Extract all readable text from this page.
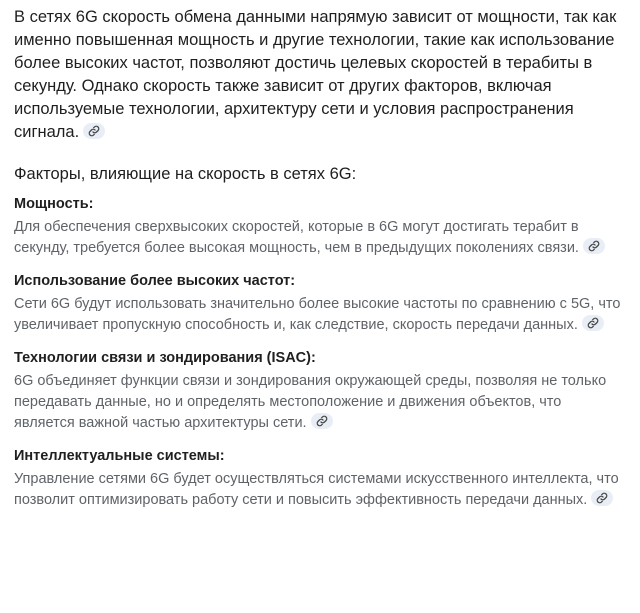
В сетях 6G скорость обмена данными напрямую зависит от мощности, так как именно повышенная мощность и другие технологии, такие как использование более высоких частот, позволяют достичь целевых скоростей в терабиты в секунду. Однако скорость также зависит от других факторов, включая используемые технологии, архитектуру сети и условия распространения сигнала.

Факторы, влияющие на скорость в сетях 6G:

Мощность:

Для обеспечения сверхвысоких скоростей, которые в 6G могут достигать терабит в секунду, требуется более высокая мощность, чем в предыдущих поколениях связи.

Использование более высоких частот:

Сети 6G будут использовать значительно более высокие частоты по сравнению с 5G, что увеличивает пропускную способность и, как следствие, скорость передачи данных.

Технологии связи и зондирования (ISAC):

6G объединяет функции связи и зондирования окружающей среды, позволяя не только передавать данные, но и определять местоположение и движения объектов, что является важной частью архитектуры сети.

Интеллектуальные системы:

Управление сетями 6G будет осуществляться системами искусственного интеллекта, что позволит оптимизировать работу сети и повысить эффективность передачи данных.
